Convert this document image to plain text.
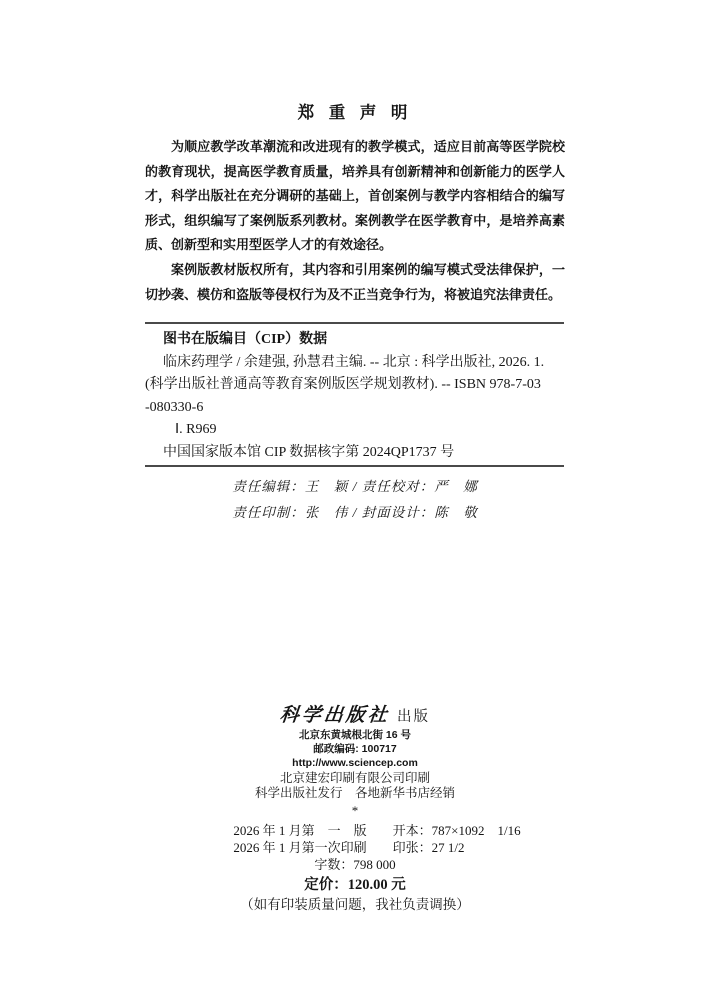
郑 重 声 明

为顺应教学改革潮流和改进现有的教学模式，适应目前高等医学院校的教育现状，提高医学教育质量，培养具有创新精神和创新能力的医学人才，科学出版社在充分调研的基础上，首创案例与教学内容相结合的编写形式，组织编写了案例版系列教材。案例教学在医学教育中，是培养高素质、创新型和实用型医学人才的有效途径。

案例版教材版权所有，其内容和引用案例的编写模式受法律保护，一切抄袭、模仿和盗版等侵权行为及不正当竞争行为，将被追究法律责任。

图书在版编目（CIP）数据
临床药理学 / 余建强, 孙慧君主编. -- 北京 : 科学出版社, 2026. 1.
(科学出版社普通高等教育案例版医学规划教材). -- ISBN 978-7-03
-080330-6
Ⅰ. R969
中国国家版本馆 CIP 数据核字第 2024QP1737 号
责任编辑：王　颖 / 责任校对：严　娜
责任印制：张　伟 / 封面设计：陈　敬
科学出版社 出版
北京东黄城根北街 16 号
邮政编码: 100717
http://www.sciencep.com
北京建宏印刷有限公司印刷
科学出版社发行　各地新华书店经销
*
2026 年 1 月第　一　版　　开本：787×1092　1/16
2026 年 1 月第一次印刷　　印张：27 1/2
字数：798 000
定价：120.00 元
（如有印装质量问题，我社负责调换）
